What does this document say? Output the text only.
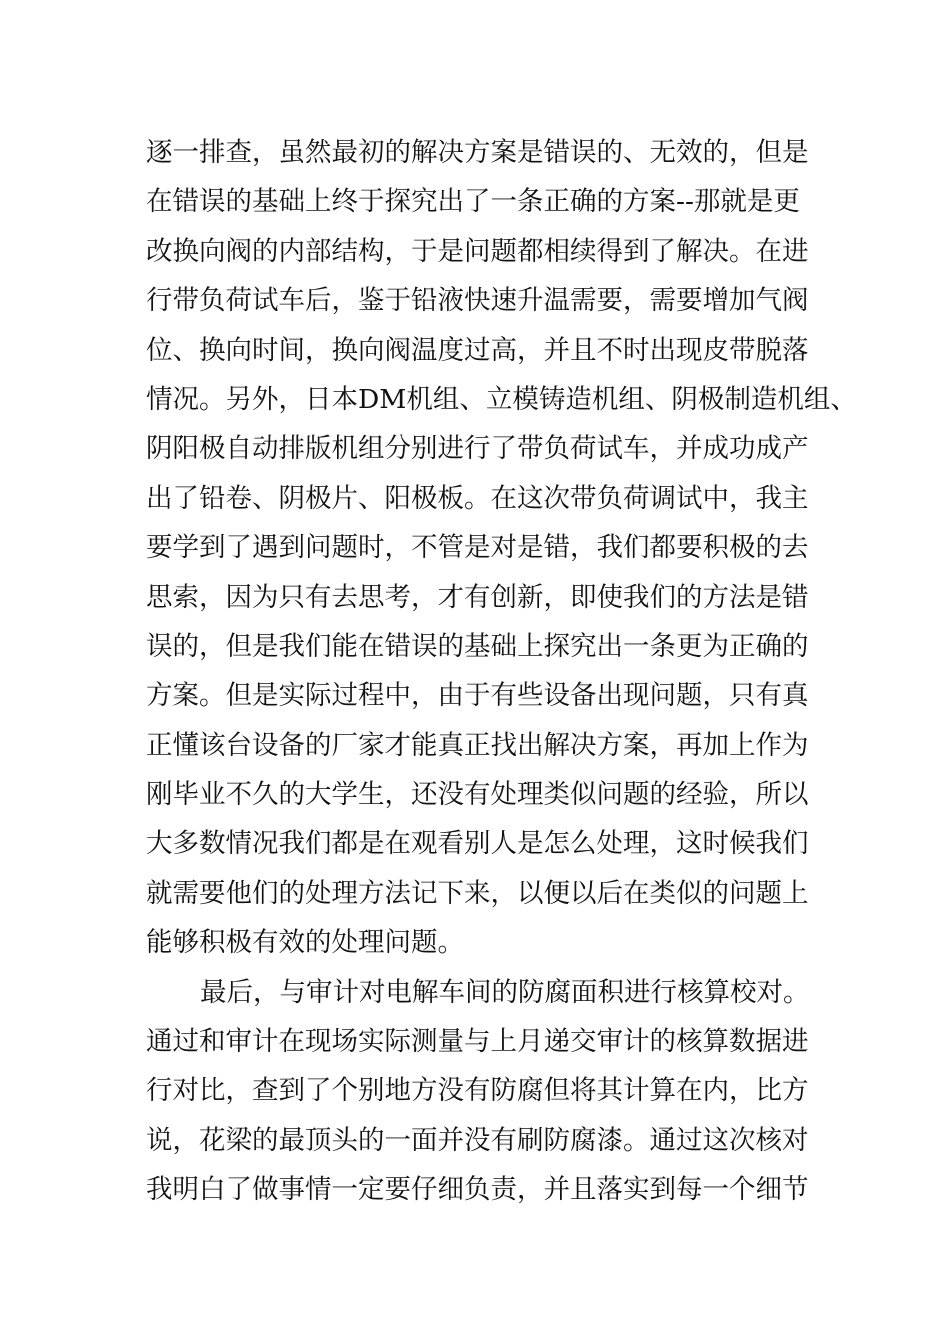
逐一排查，虽然最初的解决方案是错误的、无效的，但是
在错误的基础上终于探究出了一条正确的方案--那就是更
改换向阀的内部结构，于是问题都相续得到了解决。在进
行带负荷试车后，鉴于铅液快速升温需要，需要增加气阀
位、换向时间，换向阀温度过高，并且不时出现皮带脱落
情况。另外，日本DM机组、立模铸造机组、阴极制造机组、
阴阳极自动排版机组分别进行了带负荷试车，并成功成产
出了铅卷、阴极片、阳极板。在这次带负荷调试中，我主
要学到了遇到问题时，不管是对是错，我们都要积极的去
思索，因为只有去思考，才有创新，即使我们的方法是错
误的，但是我们能在错误的基础上探究出一条更为正确的
方案。但是实际过程中，由于有些设备出现问题，只有真
正懂该台设备的厂家才能真正找出解决方案，再加上作为
刚毕业不久的大学生，还没有处理类似问题的经验，所以
大多数情况我们都是在观看别人是怎么处理，这时候我们
就需要他们的处理方法记下来，以便以后在类似的问题上
能够积极有效的处理问题。
最后，与审计对电解车间的防腐面积进行核算校对。
通过和审计在现场实际测量与上月递交审计的核算数据进
行对比，查到了个别地方没有防腐但将其计算在内，比方
说，花梁的最顶头的一面并没有刷防腐漆。通过这次核对
我明白了做事情一定要仔细负责，并且落实到每一个细节
